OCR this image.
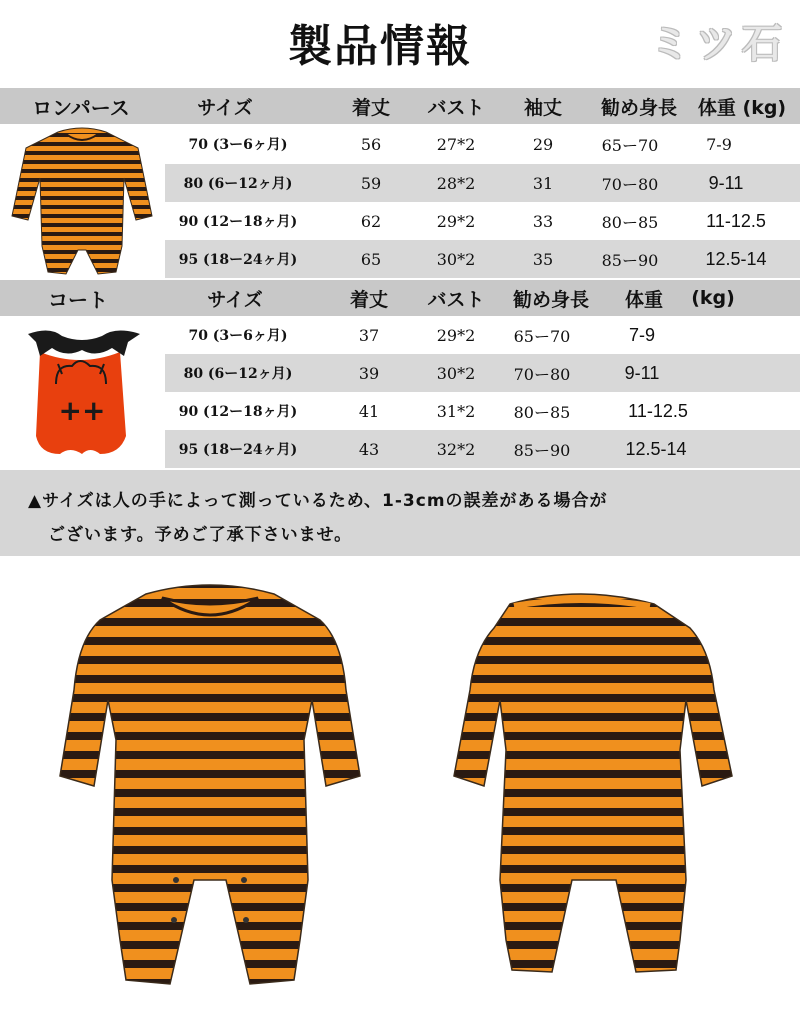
製品情報	ミツ石
ロンパース	サイズ	着丈	バスト	袖丈	勧め身長	体重 (kg)
70 (3ー6ヶ月)	56	27*2	29	65ー70	7-9
80 (6ー12ヶ月)	59	28*2	31	70ー80	9-11
90 (12ー18ヶ月)	62	29*2	33	80ー85	11-12.5
95 (18ー24ヶ月)	65	30*2	35	85ー90	12.5-14
コート	サイズ	着丈	バスト	勧め身長	体重	(kg)
70 (3ー6ヶ月)	37	29*2	65ー70	7-9
80 (6ー12ヶ月)	39	30*2	70ー80	9-11
90 (12ー18ヶ月)	41	31*2	80ー85	11-12.5
95 (18ー24ヶ月)	43	32*2	85ー90	12.5-14
++
▲サイズは人の手によって測っているため、1-3cmの誤差がある場合が
ございます。予めご了承下さいませ。
